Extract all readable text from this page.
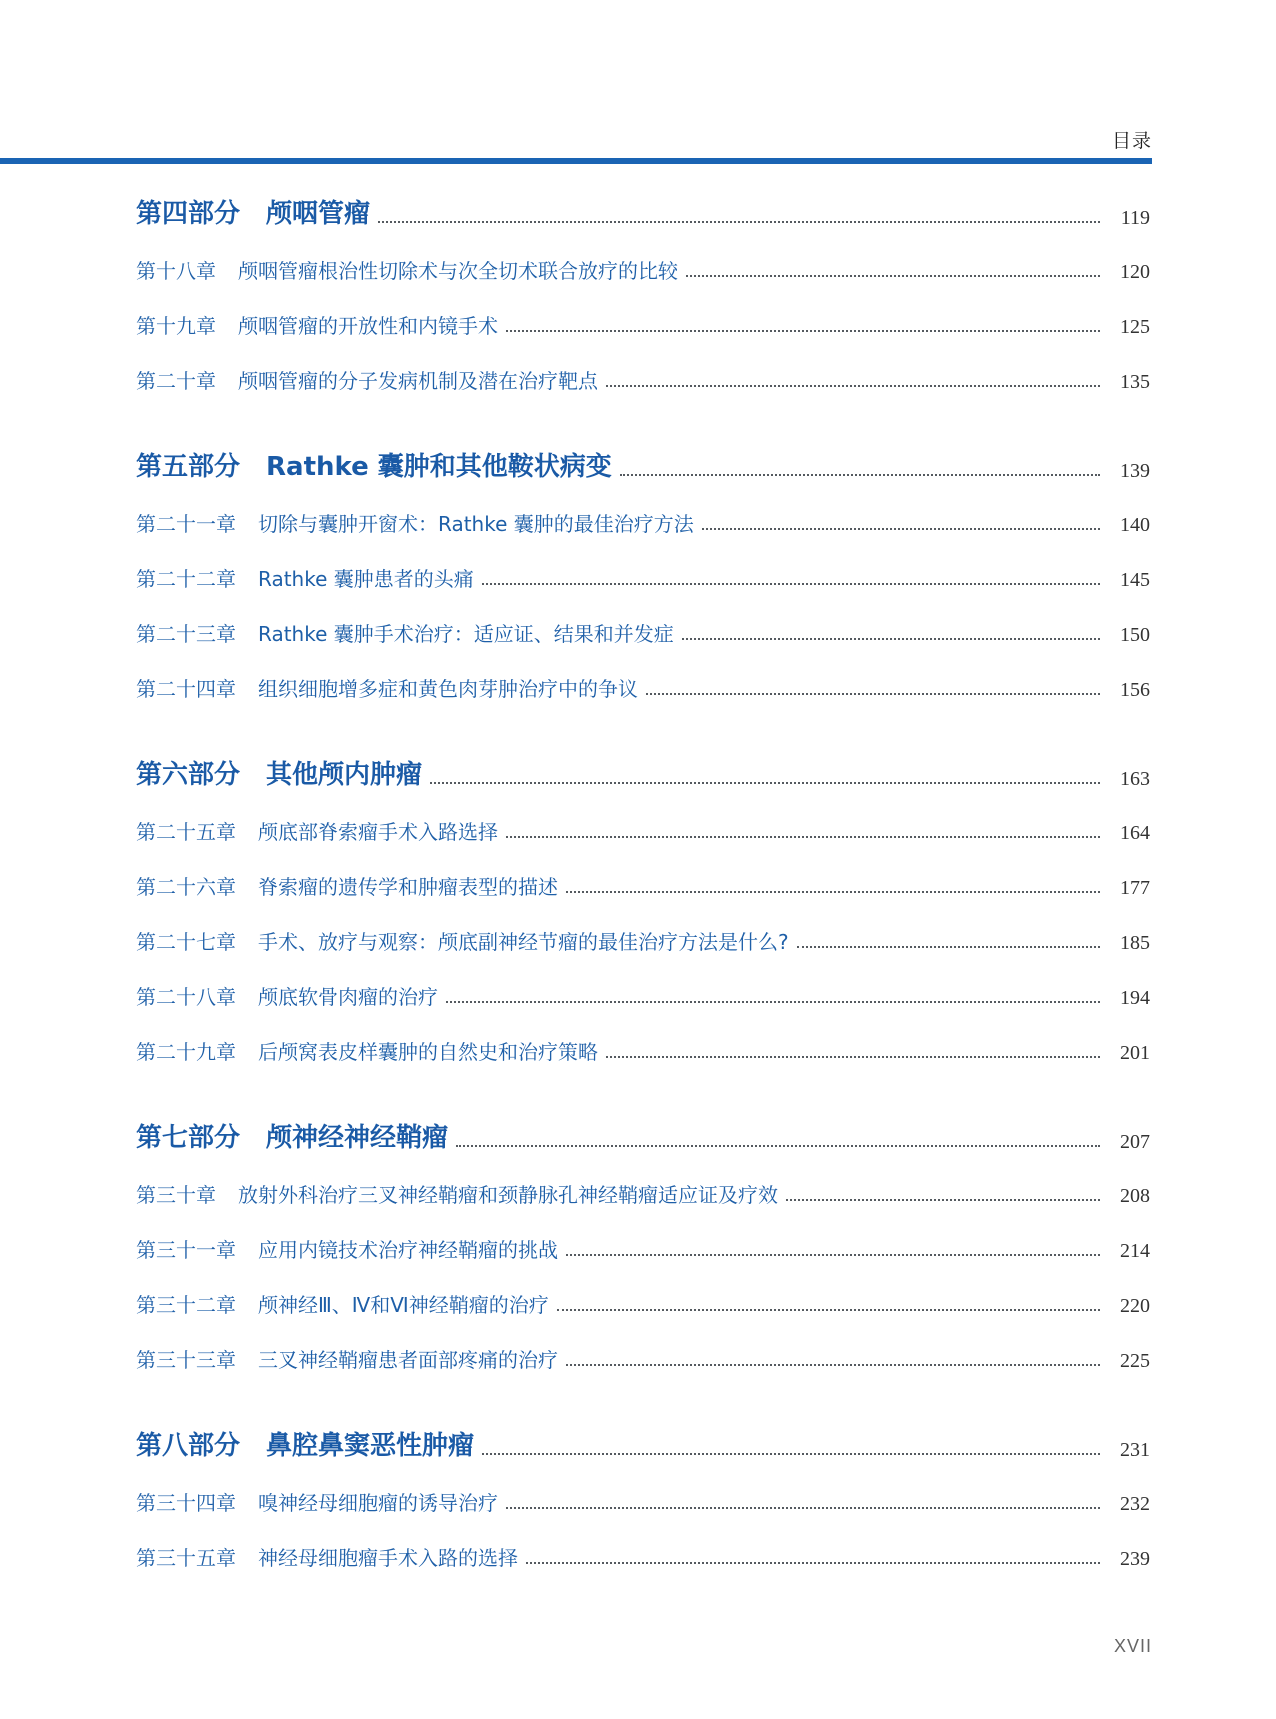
目录
第四部分 颅咽管瘤	119
第十八章 颅咽管瘤根治性切除术与次全切术联合放疗的比较	120
第十九章 颅咽管瘤的开放性和内镜手术	125
第二十章 颅咽管瘤的分子发病机制及潜在治疗靶点	135
第五部分 Rathke 囊肿和其他鞍状病变	139
第二十一章 切除与囊肿开窗术：Rathke 囊肿的最佳治疗方法	140
第二十二章 Rathke 囊肿患者的头痛	145
第二十三章 Rathke 囊肿手术治疗：适应证、结果和并发症	150
第二十四章 组织细胞增多症和黄色肉芽肿治疗中的争议	156
第六部分 其他颅内肿瘤	163
第二十五章 颅底部脊索瘤手术入路选择	164
第二十六章 脊索瘤的遗传学和肿瘤表型的描述	177
第二十七章 手术、放疗与观察：颅底副神经节瘤的最佳治疗方法是什么?	185
第二十八章 颅底软骨肉瘤的治疗	194
第二十九章 后颅窝表皮样囊肿的自然史和治疗策略	201
第七部分 颅神经神经鞘瘤	207
第三十章 放射外科治疗三叉神经鞘瘤和颈静脉孔神经鞘瘤适应证及疗效	208
第三十一章 应用内镜技术治疗神经鞘瘤的挑战	214
第三十二章 颅神经Ⅲ、Ⅳ和Ⅵ神经鞘瘤的治疗	220
第三十三章 三叉神经鞘瘤患者面部疼痛的治疗	225
第八部分 鼻腔鼻窦恶性肿瘤	231
第三十四章 嗅神经母细胞瘤的诱导治疗	232
第三十五章 神经母细胞瘤手术入路的选择	239
XVII
